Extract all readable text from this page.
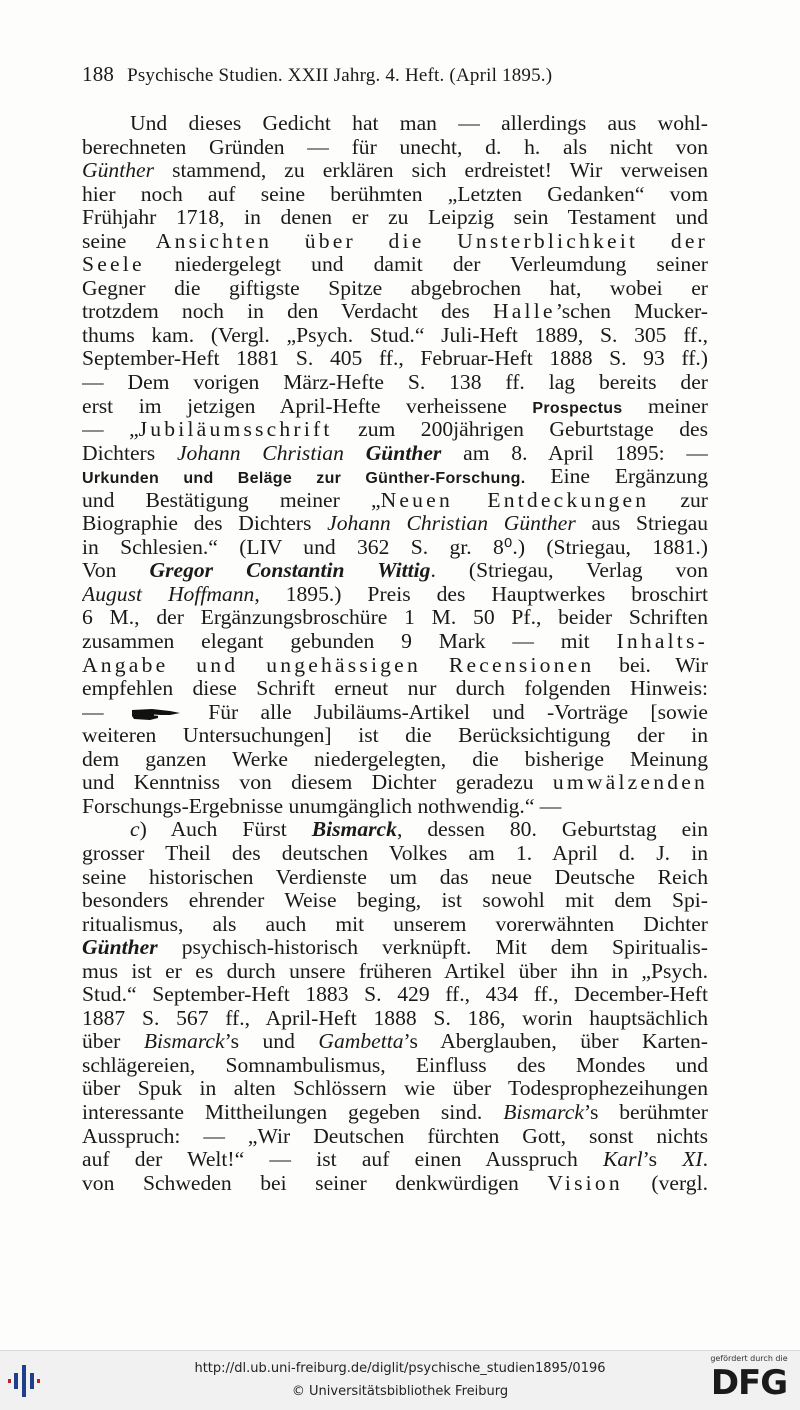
188 Psychische Studien. XXII Jahrg. 4. Heft. (April 1895.)
Und dieses Gedicht hat man — allerdings aus wohl-
berechneten Gründen — für unecht, d. h. als nicht von
Günther stammend, zu erklären sich erdreistet! Wir verweisen
hier noch auf seine berühmten „Letzten Gedanken“ vom
Frühjahr 1718, in denen er zu Leipzig sein Testament und
seine Ansichten über die Unsterblichkeit der
Seele niedergelegt und damit der Verleumdung seiner
Gegner die giftigste Spitze abgebrochen hat, wobei er
trotzdem noch in den Verdacht des Halle’schen Mucker-
thums kam. (Vergl. „Psych. Stud.“ Juli-Heft 1889, S. 305 ff.,
September-Heft 1881 S. 405 ff., Februar-Heft 1888 S. 93 ff.)
— Dem vorigen März-Hefte S. 138 ff. lag bereits der
erst im jetzigen April-Hefte verheissene Prospectus meiner
— „Jubiläumsschrift zum 200jährigen Geburtstage des
Dichters Johann Christian Günther am 8. April 1895: —
Urkunden und Beläge zur Günther-Forschung. Eine Ergänzung
und Bestätigung meiner „Neuen Entdeckungen zur
Biographie des Dichters Johann Christian Günther aus Striegau
in Schlesien.“ (LIV und 362 S. gr. 8⁰.) (Striegau, 1881.)
Von Gregor Constantin Wittig. (Striegau, Verlag von
August Hoffmann, 1895.) Preis des Hauptwerkes broschirt
6 M., der Ergänzungsbroschüre 1 M. 50 Pf., beider Schriften
zusammen elegant gebunden 9 Mark — mit Inhalts-
Angabe und ungehässigen Recensionen bei. Wir
empfehlen diese Schrift erneut nur durch folgenden Hinweis:
—	Für alle Jubiläums-Artikel und -Vorträge [sowie
weiteren Untersuchungen] ist die Berücksichtigung der in
dem ganzen Werke niedergelegten, die bisherige Meinung
und Kenntniss von diesem Dichter geradezu umwälzenden
Forschungs-Ergebnisse unumgänglich nothwendig.“ —
c) Auch Fürst Bismarck, dessen 80. Geburtstag ein
grosser Theil des deutschen Volkes am 1. April d. J. in
seine historischen Verdienste um das neue Deutsche Reich
besonders ehrender Weise beging, ist sowohl mit dem Spi-
ritualismus, als auch mit unserem vorerwähnten Dichter
Günther psychisch-historisch verknüpft. Mit dem Spiritualis-
mus ist er es durch unsere früheren Artikel über ihn in „Psych.
Stud.“ September-Heft 1883 S. 429 ff., 434 ff., December-Heft
1887 S. 567 ff., April-Heft 1888 S. 186, worin hauptsächlich
über Bismarck’s und Gambetta’s Aberglauben, über Karten-
schlägereien, Somnambulismus, Einfluss des Mondes und
über Spuk in alten Schlössern wie über Todesprophezeihungen
interessante Mittheilungen gegeben sind. Bismarck’s berühmter
Ausspruch: — „Wir Deutschen fürchten Gott, sonst nichts
auf der Welt!“ — ist auf einen Ausspruch Karl’s XI.
von Schweden bei seiner denkwürdigen Vision (vergl.
http://dl.ub.uni-freiburg.de/diglit/psychische_studien1895/0196
© Universitätsbibliothek Freiburg
gefördert durch die
DFG
